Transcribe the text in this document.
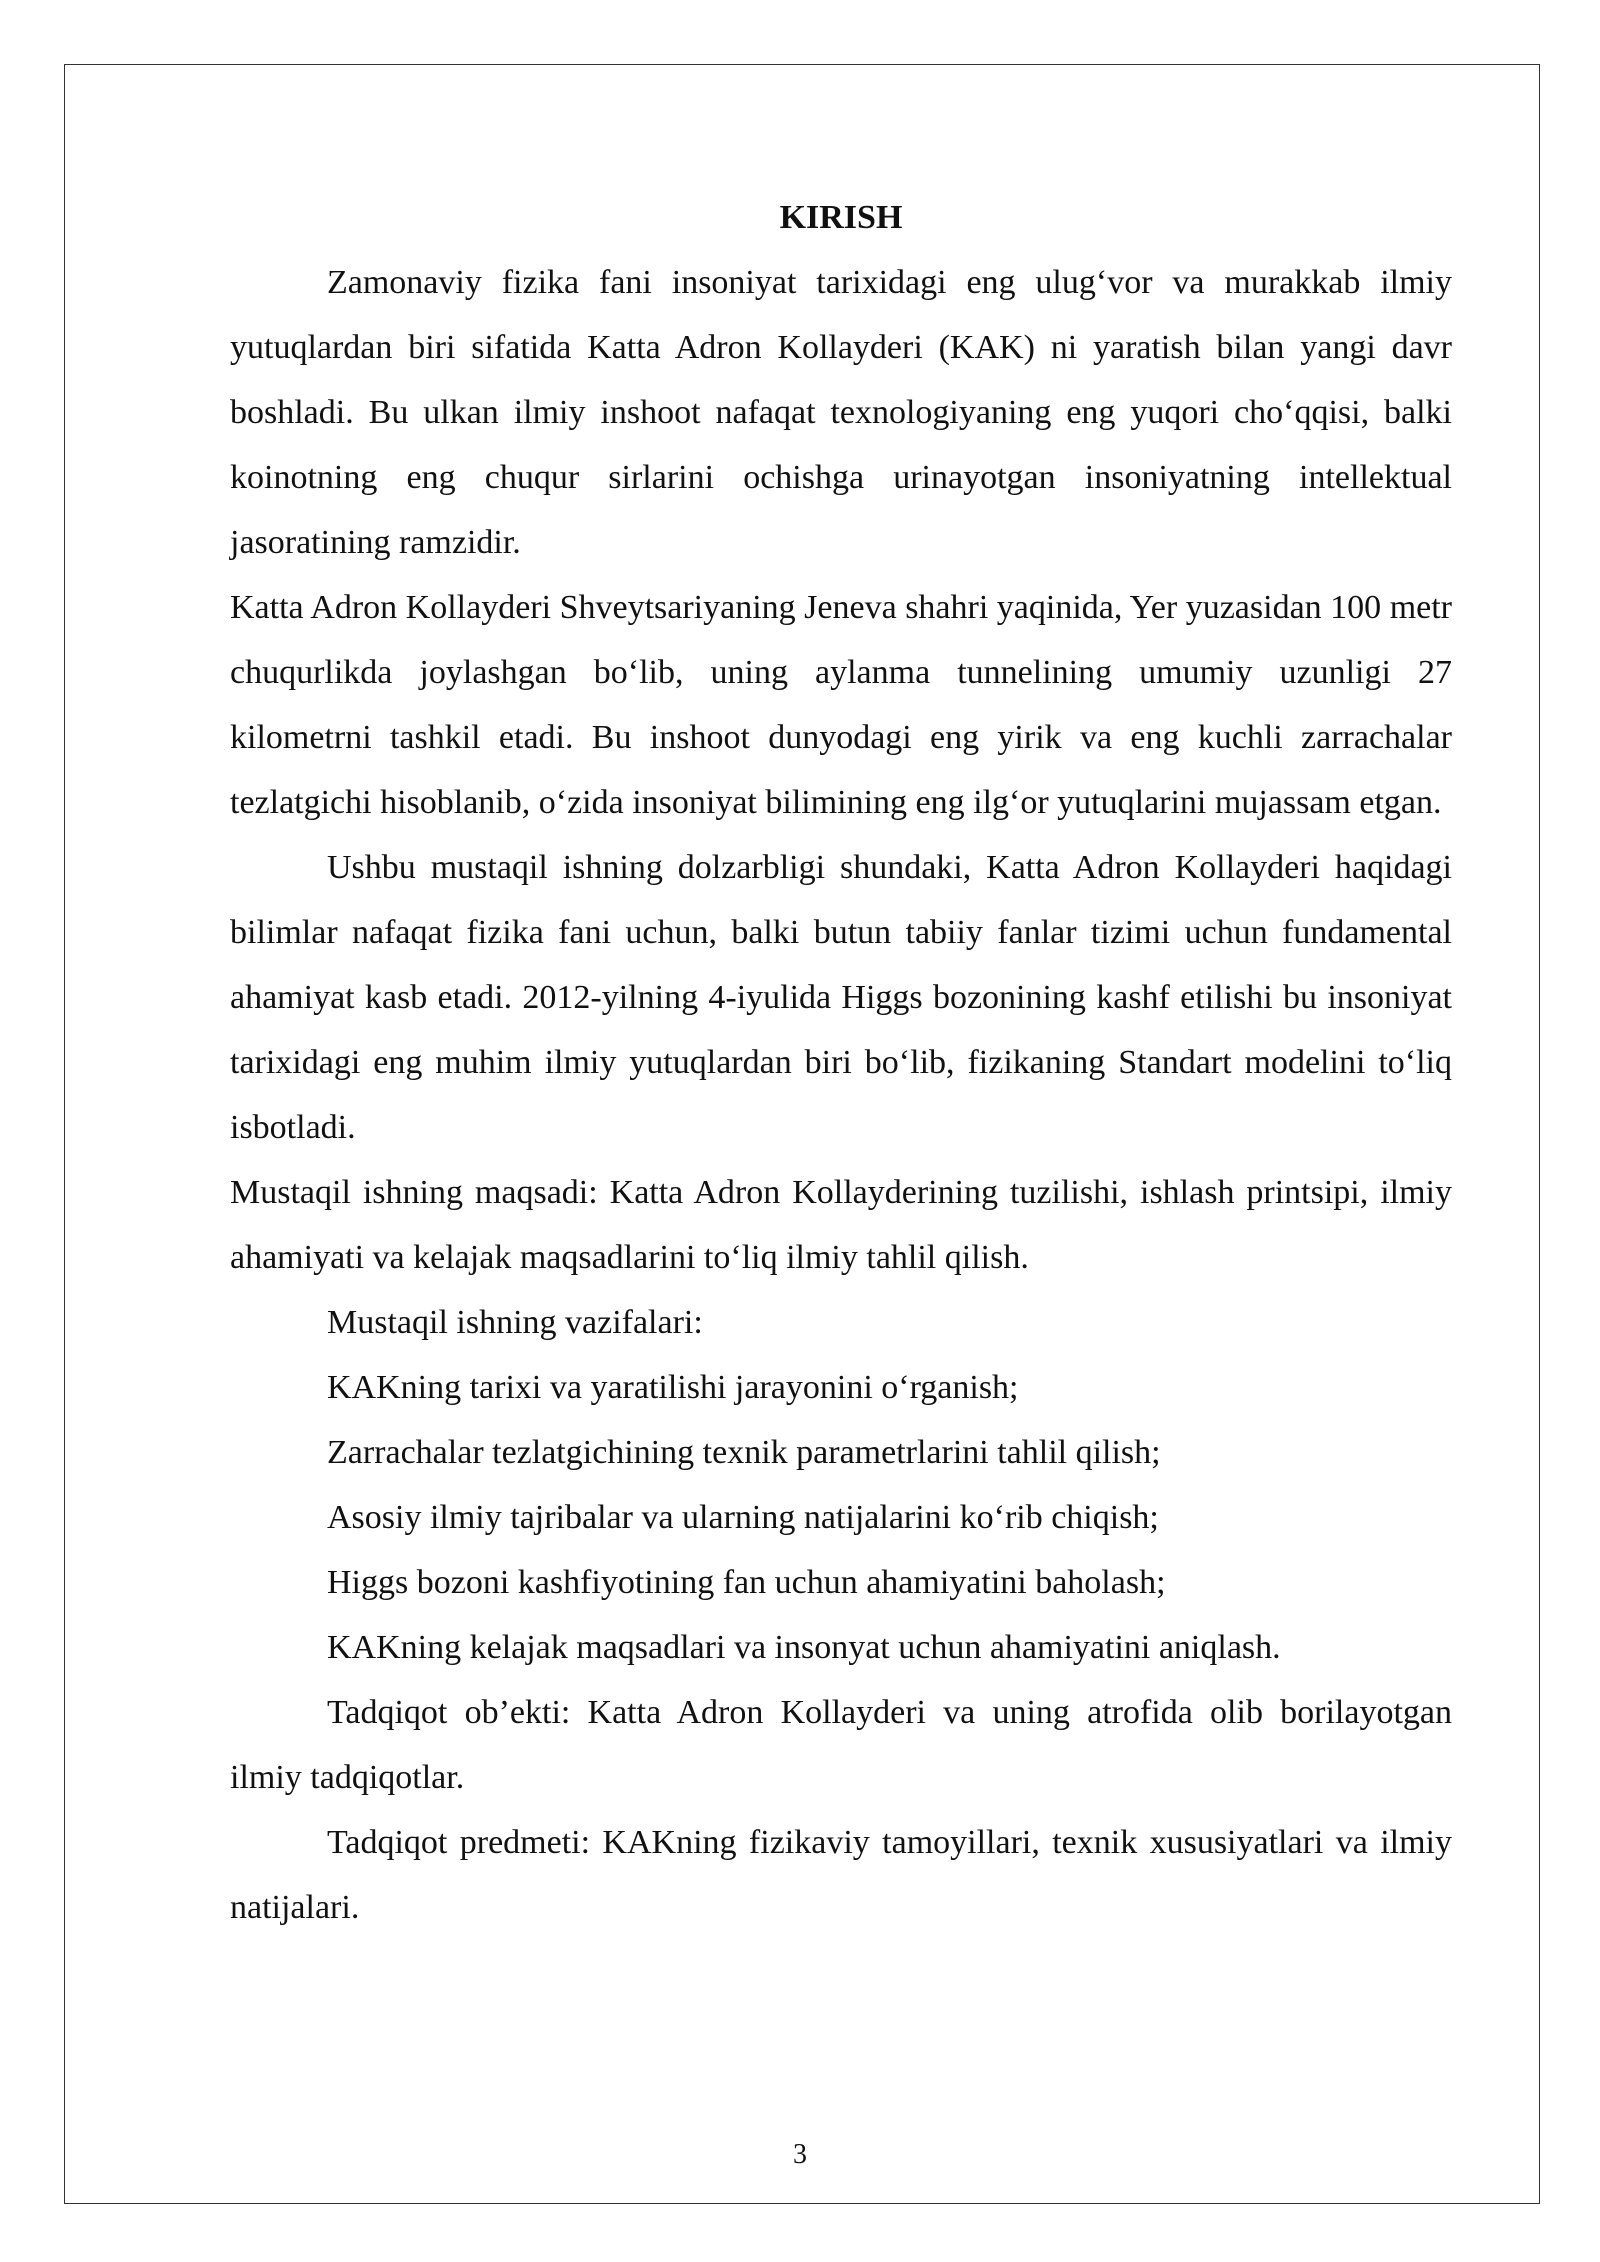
KIRISH

Zamonaviy fizika fani insoniyat tarixidagi eng ulug‘vor va murakkab ilmiy yutuqlardan biri sifatida Katta Adron Kollayderi (KAK) ni yaratish bilan yangi davr boshladi. Bu ulkan ilmiy inshoot nafaqat texnologiyaning eng yuqori cho‘qqisi, balki koinotning eng chuqur sirlarini ochishga urinayotgan insoniyatning intellektual jasoratining ramzidir.

Katta Adron Kollayderi Shveytsariyaning Jeneva shahri yaqinida, Yer yuzasidan 100 metr chuqurlikda joylashgan bo‘lib, uning aylanma tunnelining umumiy uzunligi 27 kilometrni tashkil etadi. Bu inshoot dunyodagi eng yirik va eng kuchli zarrachalar tezlatgichi hisoblanib, o‘zida insoniyat bilimining eng ilg‘or yutuqlarini mujassam etgan.

Ushbu mustaqil ishning dolzarbligi shundaki, Katta Adron Kollayderi haqidagi bilimlar nafaqat fizika fani uchun, balki butun tabiiy fanlar tizimi uchun fundamental ahamiyat kasb etadi. 2012-yilning 4-iyulida Higgs bozonining kashf etilishi bu insoniyat tarixidagi eng muhim ilmiy yutuqlardan biri bo‘lib, fizikaning Standart modelini to‘liq isbotladi.

Mustaqil ishning maqsadi: Katta Adron Kollayderining tuzilishi, ishlash printsipi, ilmiy ahamiyati va kelajak maqsadlarini to‘liq ilmiy tahlil qilish.

Mustaqil ishning vazifalari:

KAKning tarixi va yaratilishi jarayonini o‘rganish;

Zarrachalar tezlatgichining texnik parametrlarini tahlil qilish;

Asosiy ilmiy tajribalar va ularning natijalarini ko‘rib chiqish;

Higgs bozoni kashfiyotining fan uchun ahamiyatini baholash;

KAKning kelajak maqsadlari va insonyat uchun ahamiyatini aniqlash.

Tadqiqot ob’ekti: Katta Adron Kollayderi va uning atrofida olib borilayotgan ilmiy tadqiqotlar.

Tadqiqot predmeti: KAKning fizikaviy tamoyillari, texnik xususiyatlari va ilmiy natijalari.

3
